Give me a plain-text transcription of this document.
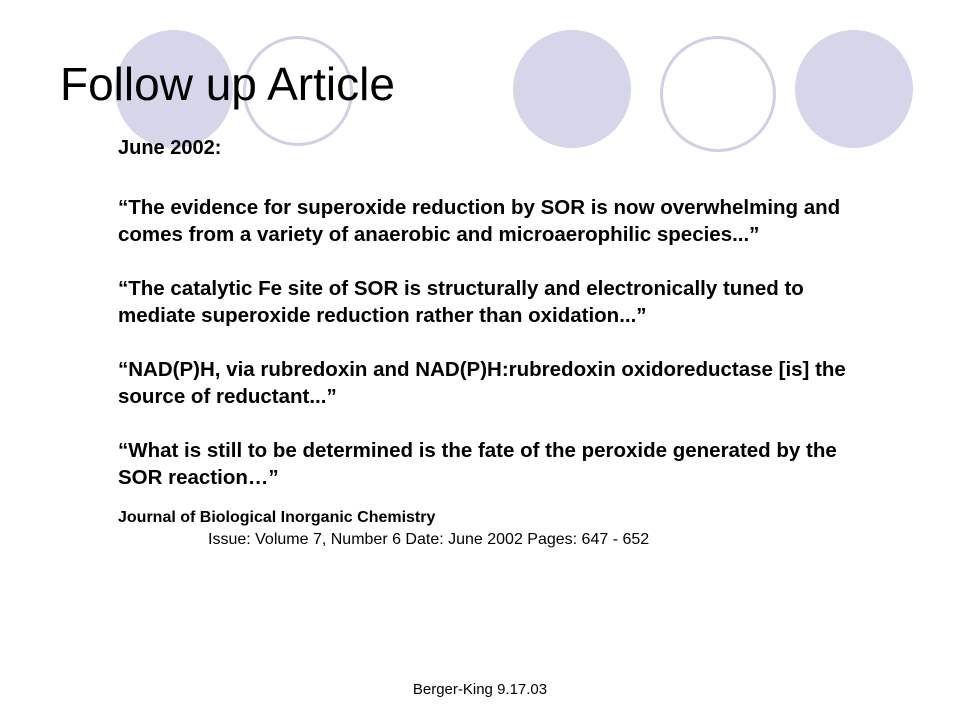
Follow up Article

June 2002:

“The evidence for superoxide reduction by SOR is now overwhelming and comes from a variety of anaerobic and microaerophilic species...”

“The catalytic Fe site of SOR is structurally and electronically tuned to mediate superoxide reduction rather than oxidation...”

“NAD(P)H, via rubredoxin and NAD(P)H:rubredoxin oxidoreductase [is] the source of reductant...”

“What is still to be determined is the fate of the peroxide generated by the SOR reaction…”

Journal of Biological Inorganic Chemistry

Issue: Volume 7, Number 6 Date: June 2002 Pages: 647 - 652

Berger-King 9.17.03
